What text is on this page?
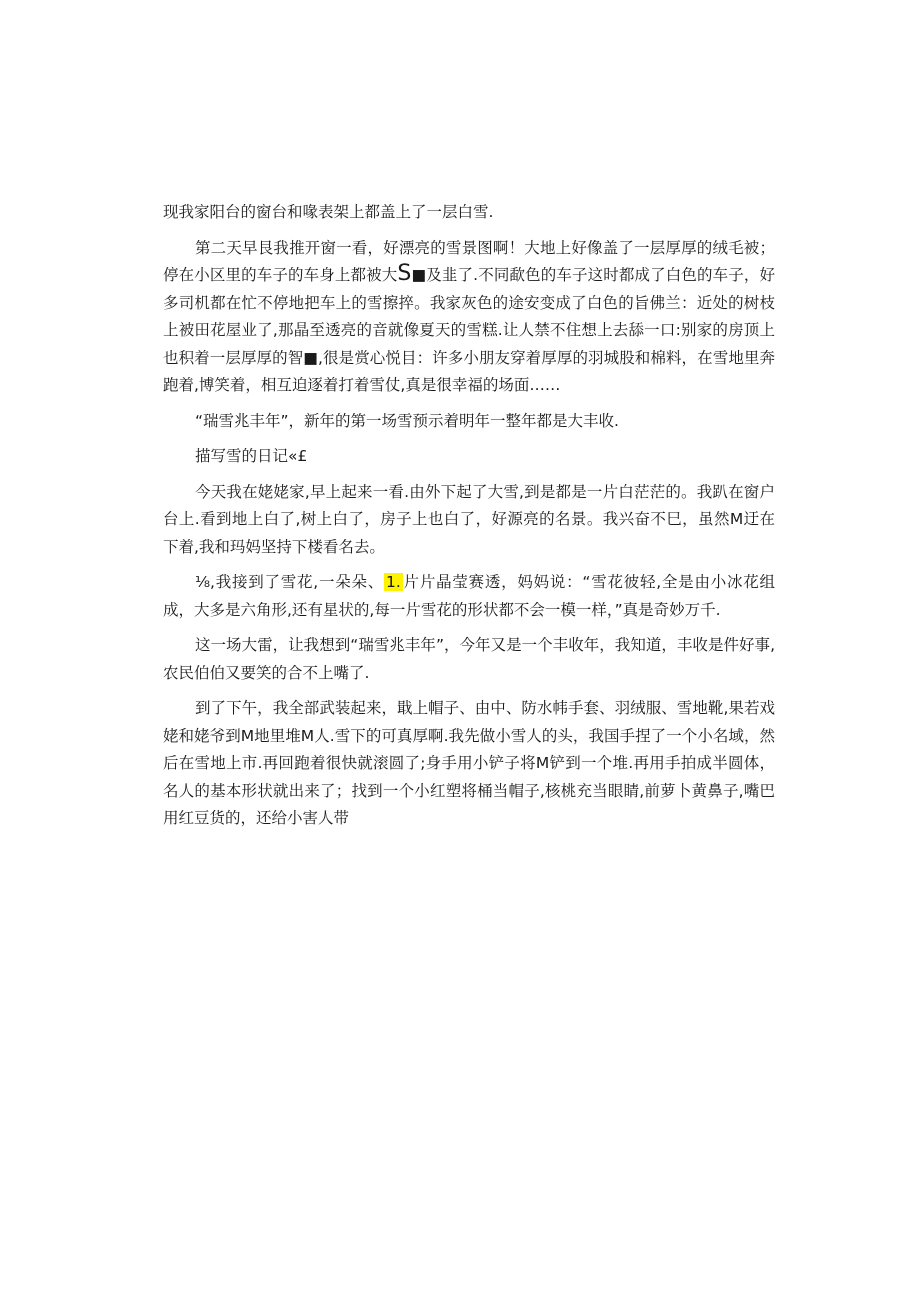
现我家阳台的窗台和喙表架上都盖上了一层白雪.

第二天早艮我推开窗一看，好漂亮的雪景图啊！大地上好像盖了一层厚厚的绒毛被；停在小区里的车子的车身上都被大S■及韭了.不同歃色的车子这时都成了白色的车子，好多司机都在忙不停地把车上的雪擦捽。我家灰色的途安变成了白色的旨佛兰：近处的树枝上被田花屋业了,那晶至透亮的音就像夏天的雪糕.让人禁不住想上去舔一口:别家的房顶上也积着一层厚厚的智■,很是赏心悦目：许多小朋友穿着厚厚的羽城股和棉料，在雪地里奔跑着,博笑着，相互迫逐着打着雪仗,真是很幸福的场面……

“瑞雪兆丰年”，新年的第一场雪预示着明年一整年都是大丰收.

描写雪的日记«£

今天我在姥姥家,早上起来一看.由外下起了大雪,到是都是一片白茫茫的。我趴在窗户台上.看到地上白了,树上白了，房子上也白了，好源亮的名景。我兴奋不巳，虽然M迂在下着,我和玛妈坚持下楼看名去。

⅛,我接到了雪花,一朵朵、 1. 片片晶莹赛透，妈妈说：“雪花彼轻,全是由小冰花组成，大多是六角形,还有星状的,每一片雪花的形状都不会一模一样，”真是奇妙万千.

这一场大雷，让我想到“瑞雪兆丰年”，今年又是一个丰收年，我知道，丰收是件好事,农民伯伯又要笑的合不上嘴了.

到了下午，我全部武装起来，戢上帽子、由中、防水帏手套、羽绒服、雪地靴,果若戏姥和姥爷到M地里堆M人.雪下的可真厚啊.我先做小雪人的头，我国手捏了一个小名域，然后在雪地上市.再回跑着很快就滚圆了;身手用小铲子将M铲到一个堆.再用手拍成半圆体，名人的基本形状就出来了；找到一个小红塑将桶当帽子,核桃充当眼睛,前萝卜黄鼻子,嘴巴用红豆货的，还给小害人带
